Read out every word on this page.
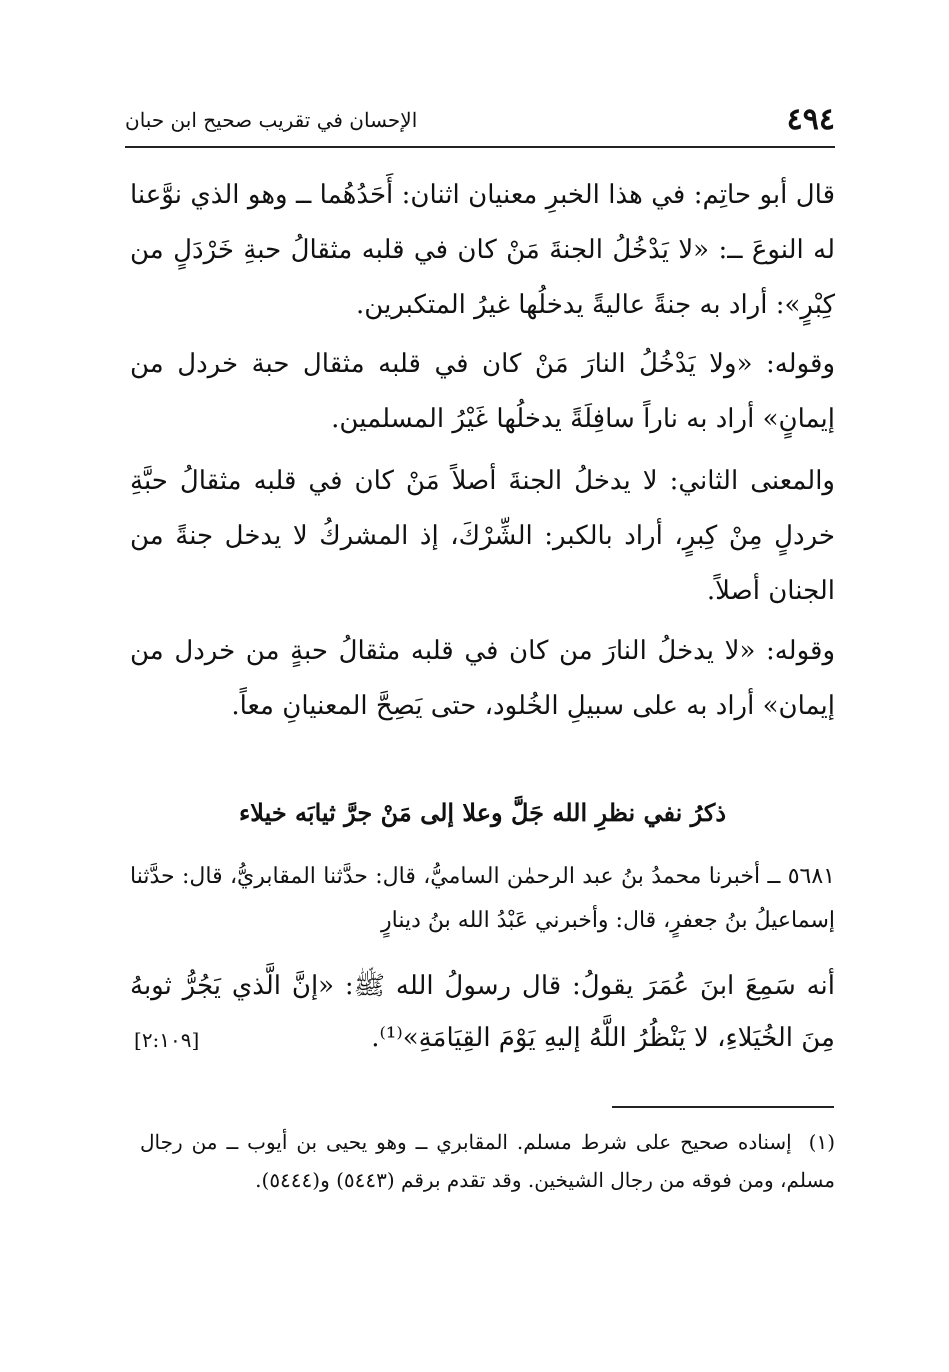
٤٩٤
الإحسان في تقريب صحيح ابن حبان

قال أبو حاتِم: في هذا الخبرِ معنيان اثنان: أَحَدُهُما ــ وهو الذي نوَّعنا له النوعَ ــ: «لا يَدْخُلُ الجنةَ مَنْ كان في قلبه مثقالُ حبةِ خَرْدَلٍ من كِبْرٍ»: أراد به جنةً عاليةً يدخلُها غيرُ المتكبرين.

وقوله: «ولا يَدْخُلُ النارَ مَنْ كان في قلبه مثقال حبة خردل من إيمانٍ» أراد به ناراً سافِلَةً يدخلُها غَيْرُ المسلمين.

والمعنى الثاني: لا يدخلُ الجنةَ أصلاً مَنْ كان في قلبه مثقالُ حبَّةِ خردلٍ مِنْ كِبرٍ، أراد بالكبر: الشِّرْكَ، إذ المشركُ لا يدخل جنةً من الجنان أصلاً.

وقوله: «لا يدخلُ النارَ من كان في قلبه مثقالُ حبةٍ من خردل من إيمان» أراد به على سبيلِ الخُلود، حتى يَصِحَّ المعنيانِ معاً.

ذكرُ نفي نظرِ الله جَلَّ وعلا إلى مَنْ جرَّ ثيابَه خيلاء
٥٦٨١ ــ أخبرنا محمدُ بنُ عبد الرحمٰن الساميُّ، قال: حدَّثنا المقابريُّ، قال: حدَّثنا إسماعيلُ بنُ جعفرٍ، قال: وأخبرني عَبْدُ الله بنُ دينارٍ
أنه سَمِعَ ابنَ عُمَرَ يقولُ: قال رسولُ الله ﷺ: «إنَّ الَّذي يَجُرُّ ثوبهُ مِنَ الخُيَلاءِ، لا يَنْظُرُ اللَّهُ إليهِ يَوْمَ القِيَامَةِ»⁽¹⁾.
[٢:١٠٩]
(١) إسناده صحيح على شرط مسلم. المقابري ــ وهو يحيى بن أيوب ــ من رجال مسلم، ومن فوقه من رجال الشيخين. وقد تقدم برقم (٥٤٤٣) و(٥٤٤٤).
